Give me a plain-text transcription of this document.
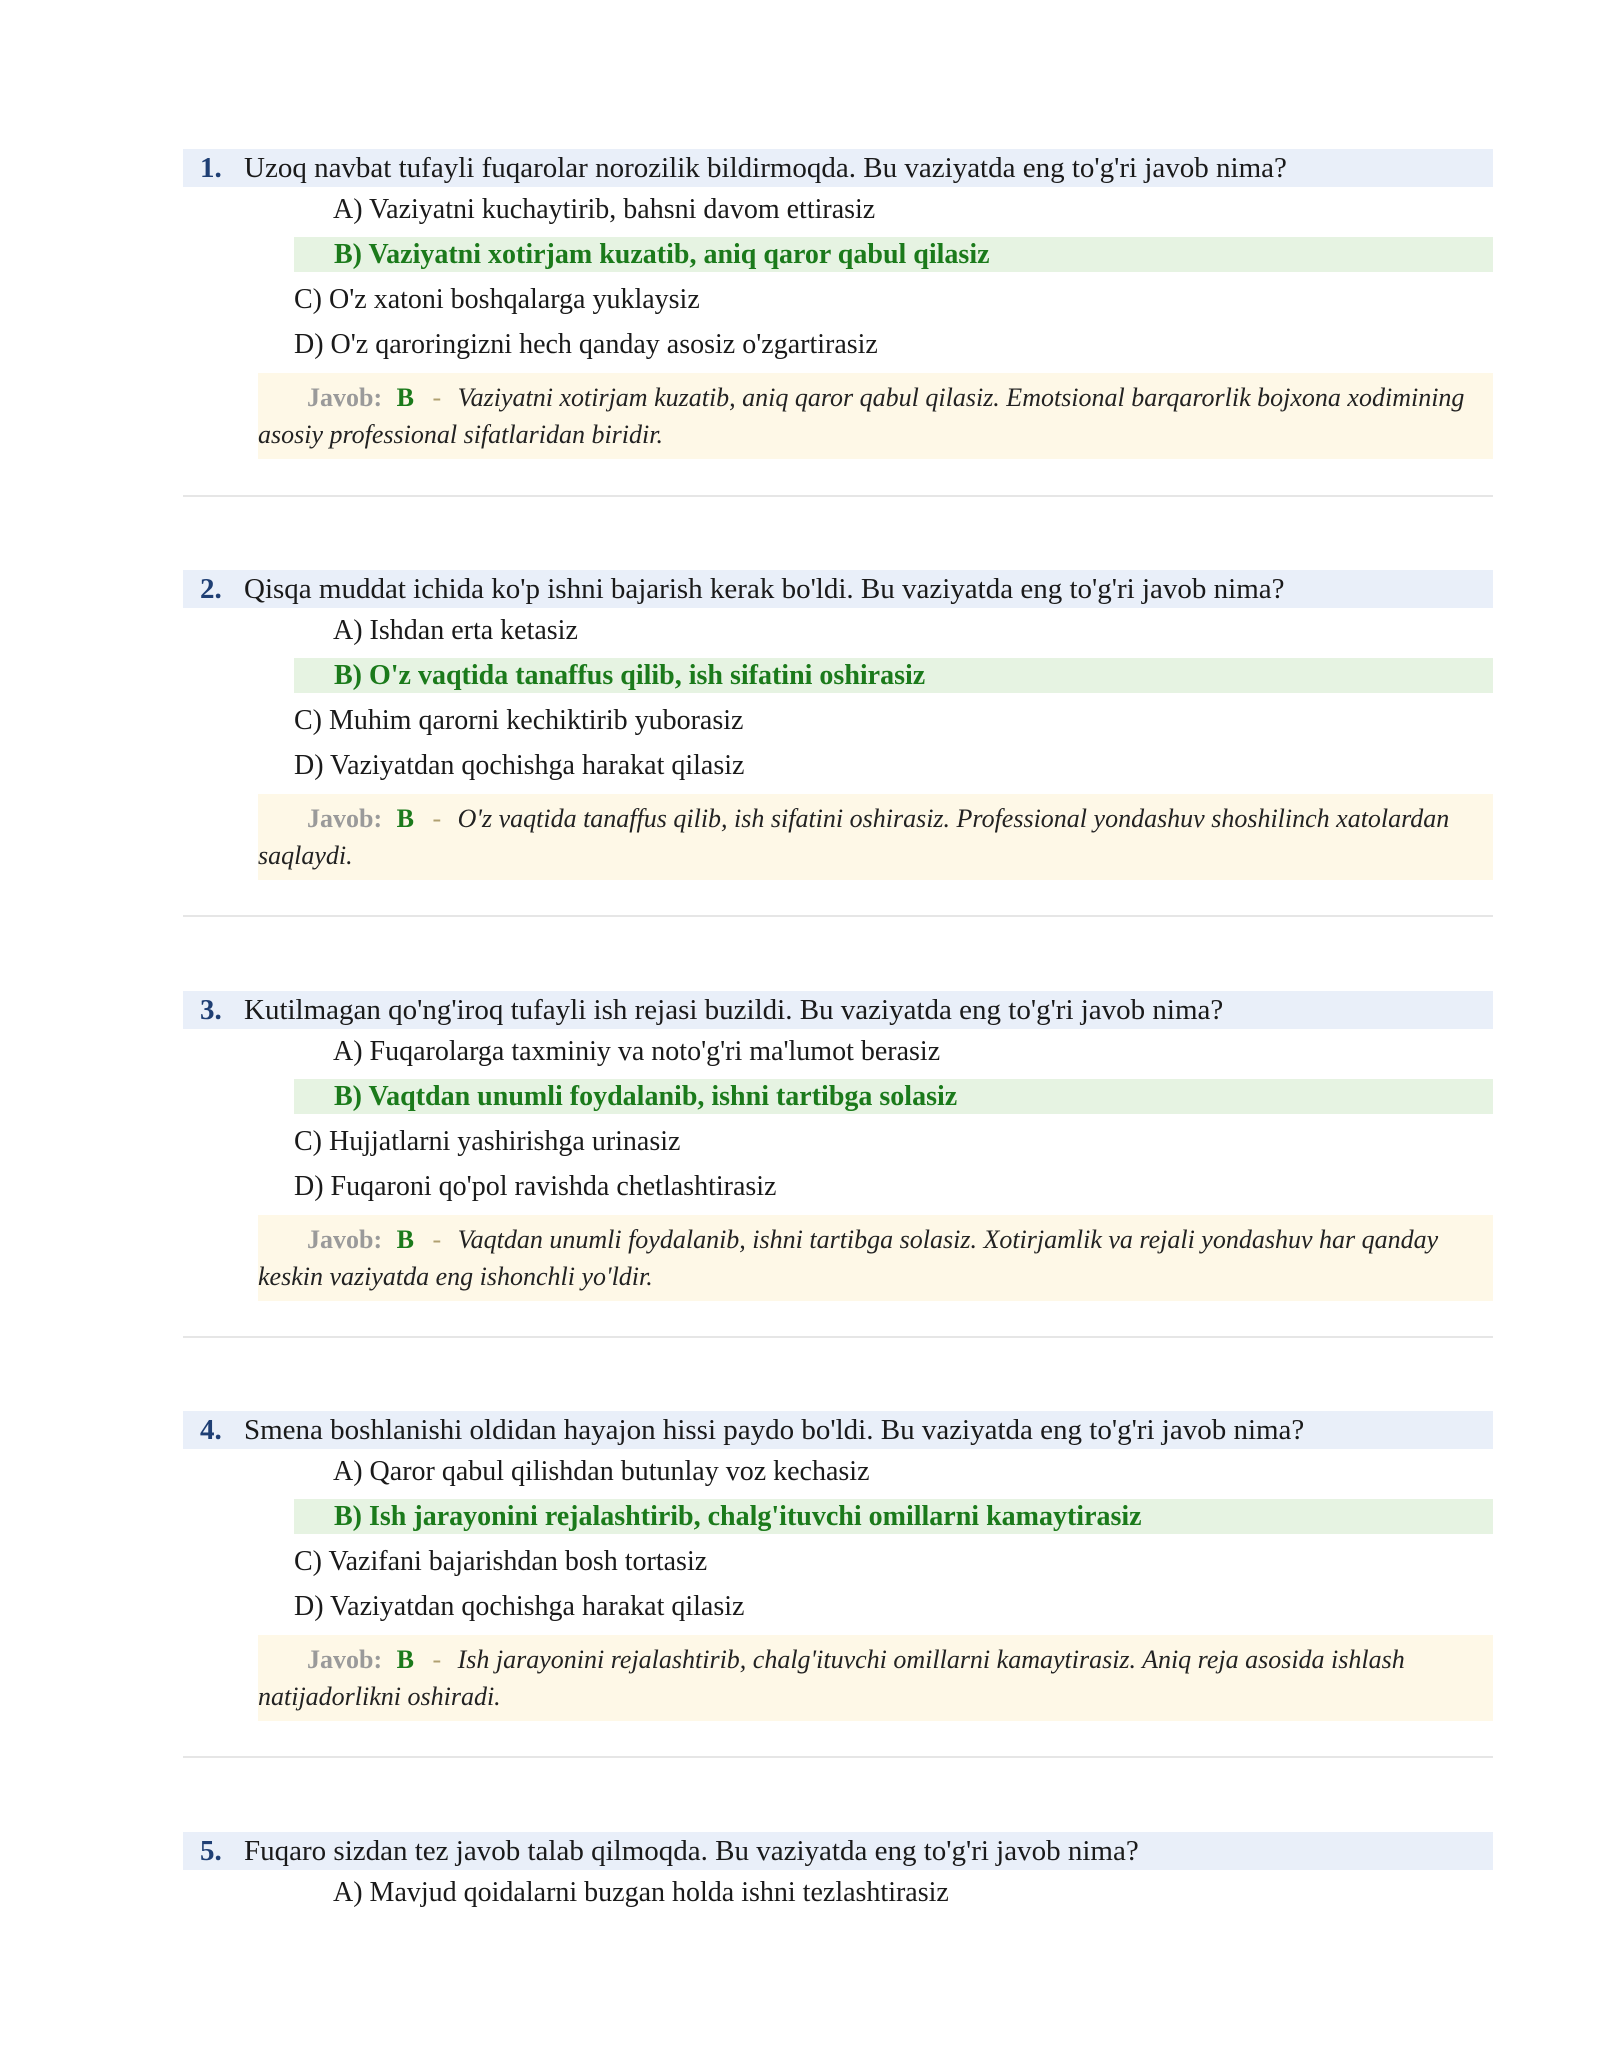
1. Uzoq navbat tufayli fuqarolar norozilik bildirmoqda. Bu vaziyatda eng to'g'ri javob nima?
A) Vaziyatni kuchaytirib, bahsni davom ettirasiz
B) Vaziyatni xotirjam kuzatib, aniq qaror qabul qilasiz
C) O'z xatoni boshqalarga yuklaysiz
D) O'z qaroringizni hech qanday asosiz o'zgartirasiz
Javob: B - Vaziyatni xotirjam kuzatib, aniq qaror qabul qilasiz. Emotsional barqarorlik bojxona xodimining asosiy professional sifatlaridan biridir.
2. Qisqa muddat ichida ko'p ishni bajarish kerak bo'ldi. Bu vaziyatda eng to'g'ri javob nima?
A) Ishdan erta ketasiz
B) O'z vaqtida tanaffus qilib, ish sifatini oshirasiz
C) Muhim qarorni kechiktirib yuborasiz
D) Vaziyatdan qochishga harakat qilasiz
Javob: B - O'z vaqtida tanaffus qilib, ish sifatini oshirasiz. Professional yondashuv shoshilinch xatolardan saqlaydi.
3. Kutilmagan qo'ng'iroq tufayli ish rejasi buzildi. Bu vaziyatda eng to'g'ri javob nima?
A) Fuqarolarga taxminiy va noto'g'ri ma'lumot berasiz
B) Vaqtdan unumli foydalanib, ishni tartibga solasiz
C) Hujjatlarni yashirishga urinasiz
D) Fuqaroni qo'pol ravishda chetlashtirasiz
Javob: B - Vaqtdan unumli foydalanib, ishni tartibga solasiz. Xotirjamlik va rejali yondashuv har qanday keskin vaziyatda eng ishonchli yo'ldir.
4. Smena boshlanishi oldidan hayajon hissi paydo bo'ldi. Bu vaziyatda eng to'g'ri javob nima?
A) Qaror qabul qilishdan butunlay voz kechasiz
B) Ish jarayonini rejalashtirib, chalg'ituvchi omillarni kamaytirasiz
C) Vazifani bajarishdan bosh tortasiz
D) Vaziyatdan qochishga harakat qilasiz
Javob: B - Ish jarayonini rejalashtirib, chalg'ituvchi omillarni kamaytirasiz. Aniq reja asosida ishlash natijadorlikni oshiradi.
5. Fuqaro sizdan tez javob talab qilmoqda. Bu vaziyatda eng to'g'ri javob nima?
A) Mavjud qoidalarni buzgan holda ishni tezlashtirasiz
